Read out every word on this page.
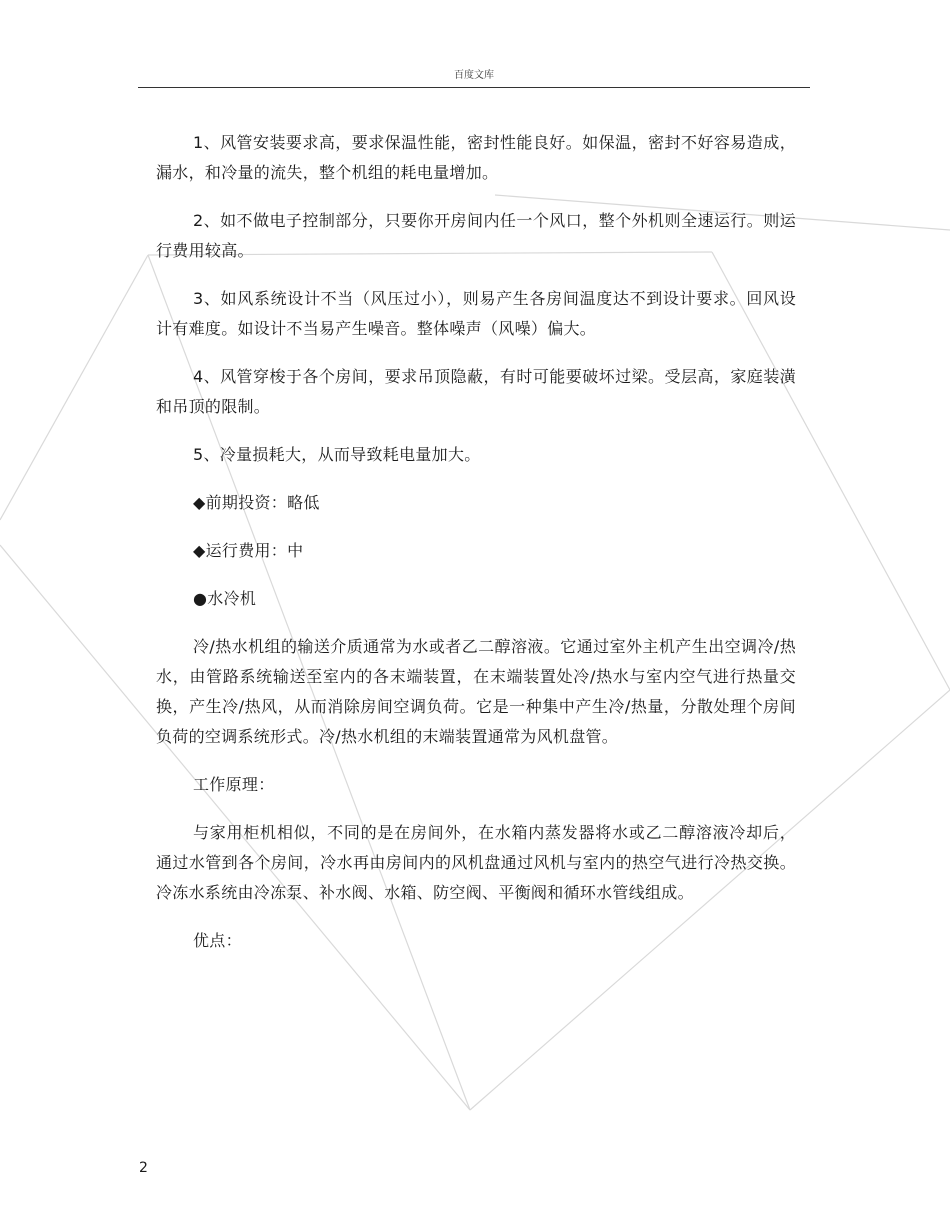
百度文库

1、风管安装要求高，要求保温性能，密封性能良好。如保温，密封不好容易造成，漏水，和冷量的流失，整个机组的耗电量增加。

2、如不做电子控制部分，只要你开房间内任一个风口，整个外机则全速运行。则运行费用较高。

3、如风系统设计不当（风压过小），则易产生各房间温度达不到设计要求。回风设计有难度。如设计不当易产生噪音。整体噪声（风噪）偏大。

4、风管穿梭于各个房间，要求吊顶隐蔽，有时可能要破坏过梁。受层高，家庭装潢和吊顶的限制。

5、冷量损耗大，从而导致耗电量加大。

◆前期投资：略低

◆运行费用：中

●水冷机

冷/热水机组的输送介质通常为水或者乙二醇溶液。它通过室外主机产生出空调冷/热水，由管路系统输送至室内的各末端装置，在末端装置处冷/热水与室内空气进行热量交换，产生冷/热风，从而消除房间空调负荷。它是一种集中产生冷/热量，分散处理个房间负荷的空调系统形式。冷/热水机组的末端装置通常为风机盘管。

工作原理：

与家用柜机相似，不同的是在房间外，在水箱内蒸发器将水或乙二醇溶液冷却后，通过水管到各个房间，冷水再由房间内的风机盘通过风机与室内的热空气进行冷热交换。冷冻水系统由冷冻泵、补水阀、水箱、防空阀、平衡阀和循环水管线组成。

优点：

2
